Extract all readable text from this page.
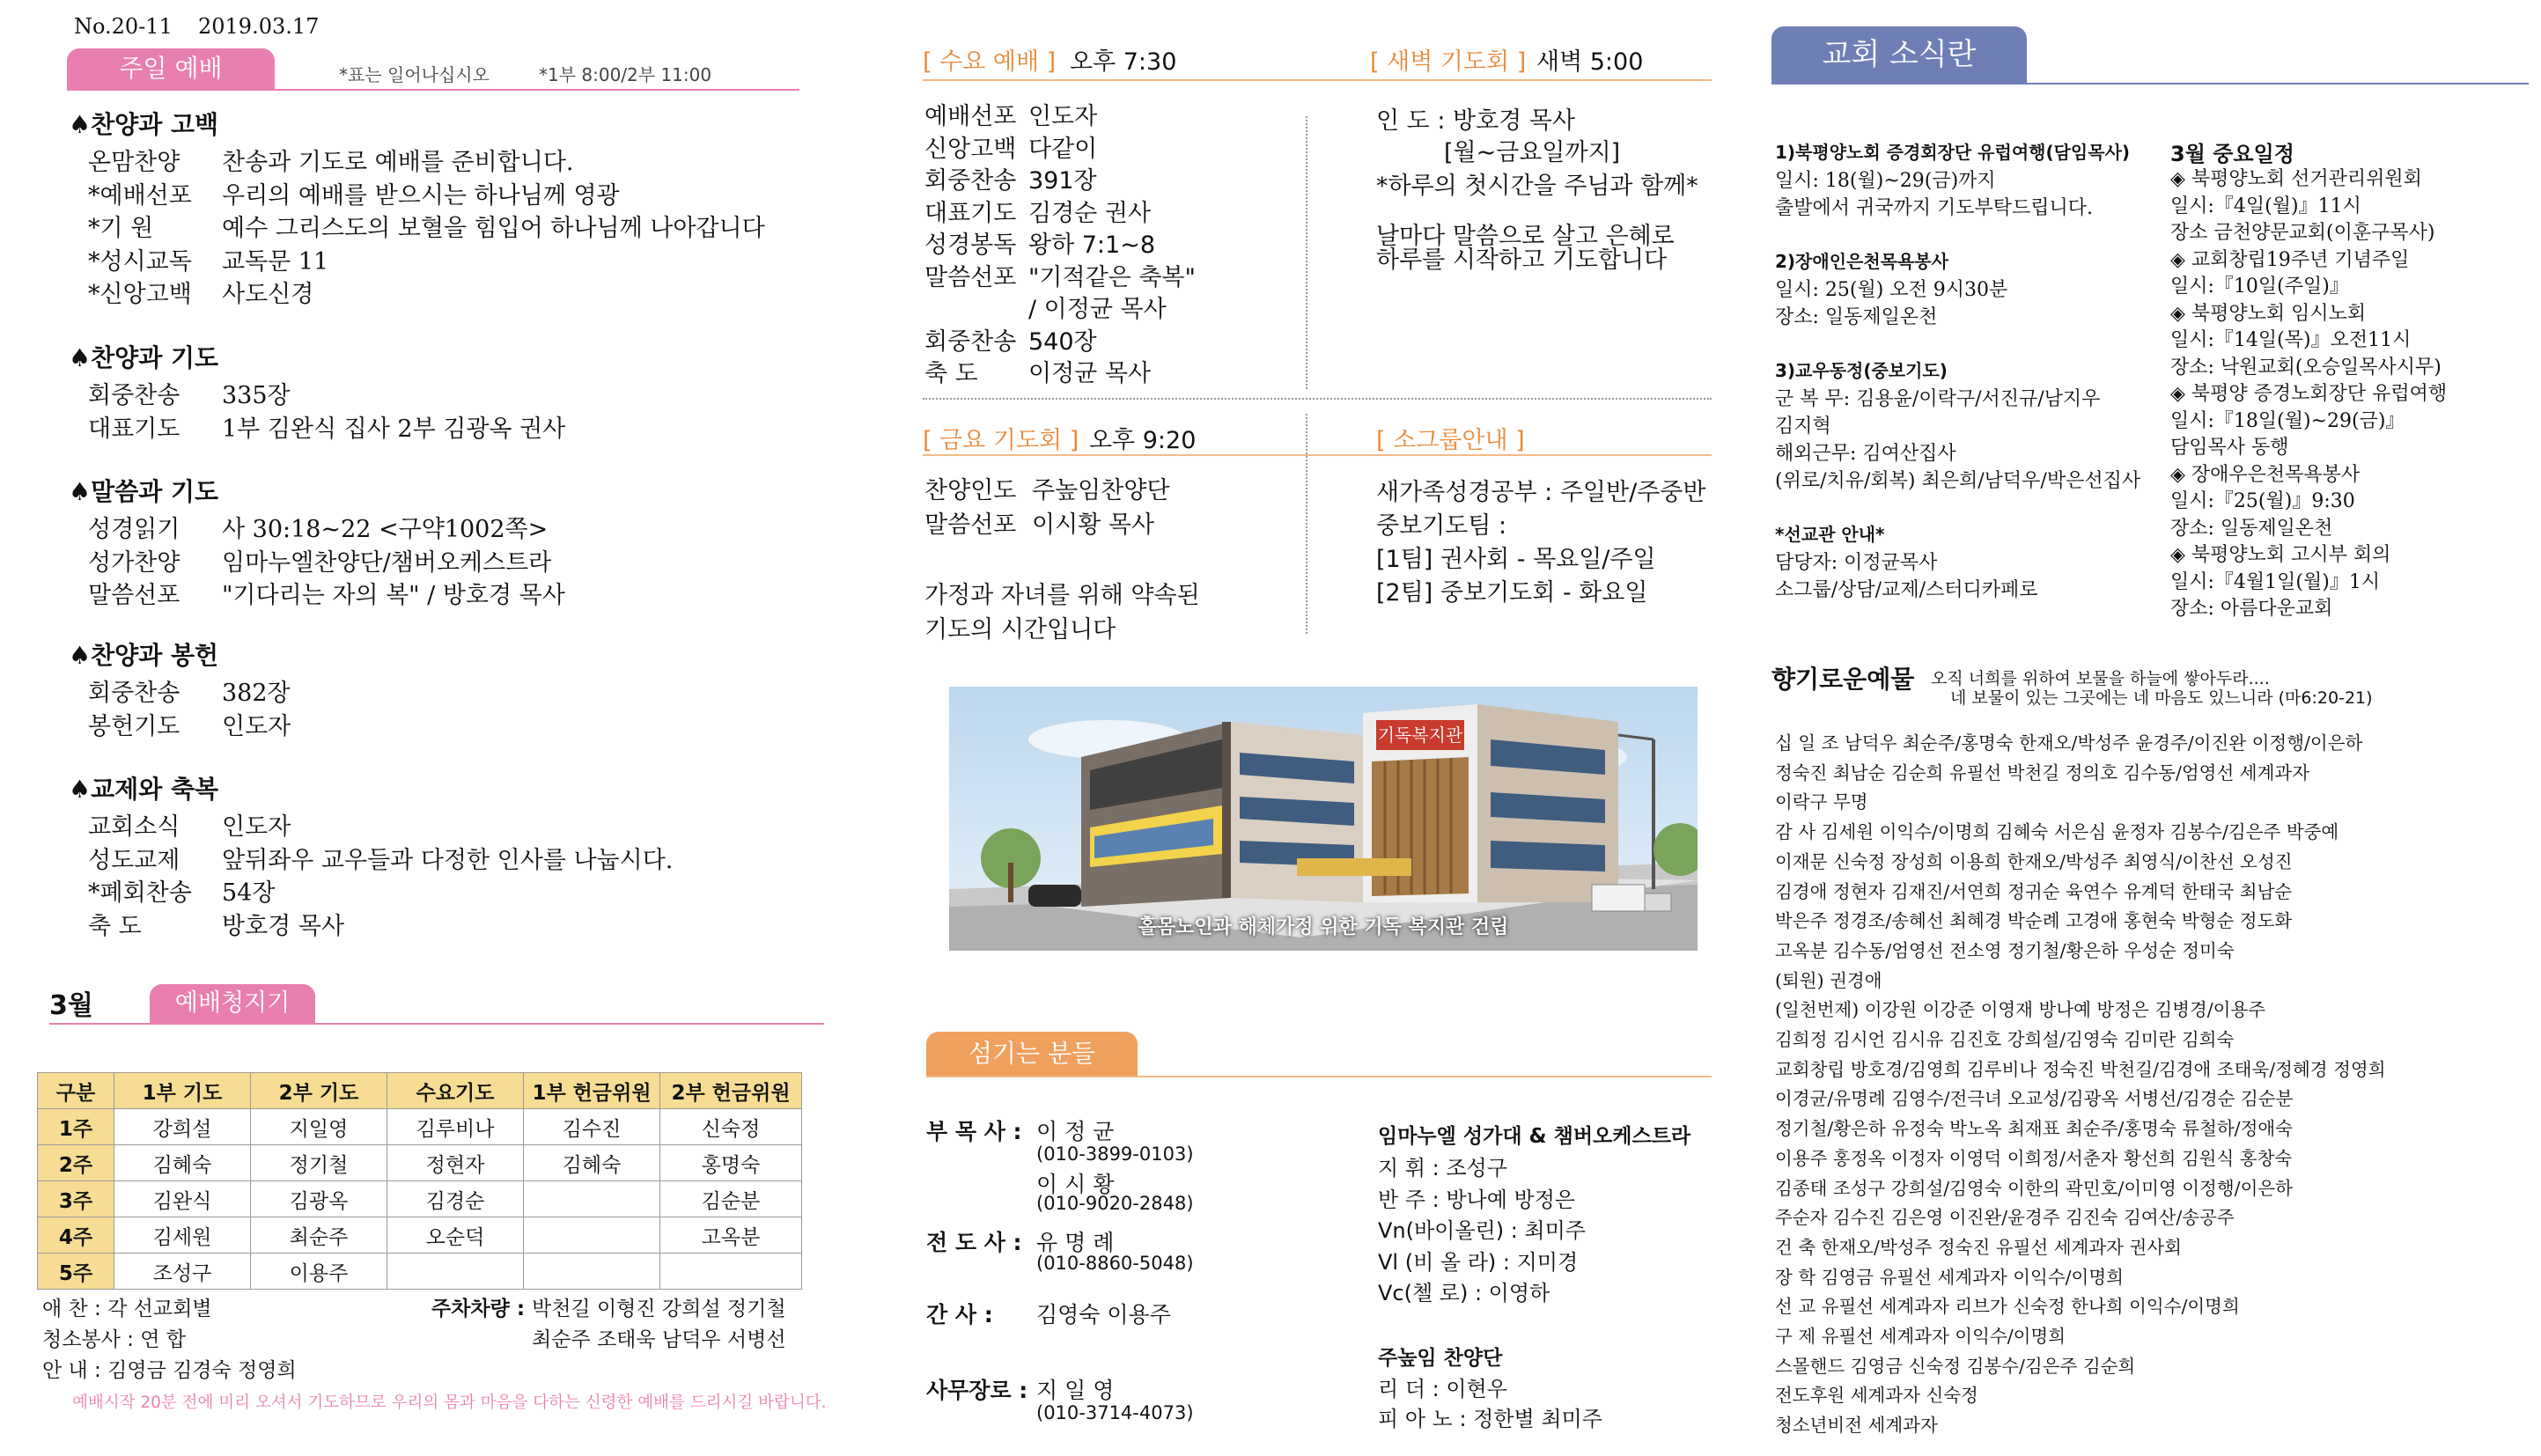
No.20-11 2019.03.17
주일 예배	*표는 일어나십시오	*1부 8:00/2부 11:00
♠찬양과 고백
온맘찬양 찬송과 기도로 예배를 준비합니다.
*예배선포 우리의 예배를 받으시는 하나님께 영광
*기 원	예수 그리스도의 보혈을 힘입어 하나님께 나아갑니다
*성시교독 교독문 11
*신앙고백 사도신경
♠찬양과 기도
회중찬송 335장
대표기도 1부 김완식 집사 2부 김광옥 권사
♠말씀과 기도
성경읽기 사 30:18~22 <구약1002쪽>
성가찬양 임마누엘찬양단/챔버오케스트라
말씀선포 "기다리는 자의 복" / 방호경 목사
♠찬양과 봉헌
회중찬송 382장
봉헌기도 인도자
♠교제와 축복
교회소식 인도자
성도교제 앞뒤좌우 교우들과 다정한 인사를 나눕시다.
*폐회찬송 54장
축 도	방호경 목사
3월	예배청지기
구분	1부 기도	2부 기도	수요기도	1부 헌금위원	2부 헌금위원
1주	강희설	지일영	김루비나	김수진	신숙정
2주	김혜숙	정기철	정현자	김혜숙	홍명숙
3주	김완식	김광옥	김경순		김순분
4주	김세원	최순주	오순덕		고옥분
5주	조성구	이용주			
애 찬 : 각 선교회별	주차차량 : 박천길 이형진 강희설 정기철
청소봉사 : 연 합	최순주 조태욱 남덕우 서병선
안 내 : 김영금 김경숙 정영희
예배시작 20분 전에 미리 오셔서 기도하므로 우리의 몸과 마음을 다하는 신령한 예배를 드리시길 바랍니다.
[ 수요 예배 ] 오후 7:30	[ 새벽 기도회 ] 새벽 5:00
예배선포 인도자
신앙고백 다같이
회중찬송 391장
대표기도 김경순 권사
성경봉독 왕하 7:1~8
말씀선포 "기적같은 축복"
/ 이정균 목사
회중찬송 540장
축 도 이정균 목사
인 도 : 방호경 목사
[월~금요일까지]
*하루의 첫시간을 주님과 함께*
날마다 말씀으로 살고 은혜로
하루를 시작하고 기도합니다
[ 금요 기도회 ] 오후 9:20	[ 소그룹안내 ]
찬양인도 주높임찬양단
말씀선포 이시황 목사
가정과 자녀를 위해 약속된
기도의 시간입니다
새가족성경공부 : 주일반/주중반
중보기도팀 :
[1팀] 권사회 - 목요일/주일
[2팀] 중보기도회 - 화요일
기독복지관
홀몸노인과 해체가정 위한 기독 복지관 건립
섬기는 분들
부 목 사 : 이 정 균
(010-3899-0103)
이 시 황
(010-9020-2848)
전 도 사 : 유 명 례
(010-8860-5048)
간 사 : 김영숙 이용주
사무장로 : 지 일 영
(010-3714-4073)
임마누엘 성가대 & 챔버오케스트라
지 휘 : 조성구
반 주 : 방나예 방정은
Vn(바이올린) : 최미주
Vl (비 올 라) : 지미경
Vc(첼 로) : 이영하
주높임 찬양단
리 더 : 이현우
피 아 노 : 정한별 최미주
교회 소식란
1)북평양노회 증경회장단 유럽여행(담임목사)
일시: 18(월)~29(금)까지
출발에서 귀국까지 기도부탁드립니다.
2)장애인은천목욕봉사
일시: 25(월) 오전 9시30분
장소: 일동제일온천
3)교우동정(중보기도)
군 복 무: 김용윤/이락구/서진규/남지우
김지혁
해외근무: 김여산집사
(위로/치유/회복) 최은희/남덕우/박은선집사
*선교관 안내*
담당자: 이정균목사
소그룹/상담/교제/스터디카페로
3월 중요일정
◈ 북평양노회 선거관리위원회
일시:『4일(월)』11시
장소 금천양문교회(이훈구목사)
◈ 교회창립19주년 기념주일
일시:『10일(주일)』
◈ 북평양노회 임시노회
일시:『14일(목)』오전11시
장소: 낙원교회(오승일목사시무)
◈ 북평양 증경노회장단 유럽여행
일시:『18일(월)~29(금)』
담임목사 동행
◈ 장애우은천목욕봉사
일시:『25(월)』9:30
장소: 일동제일온천
◈ 북평양노회 고시부 회의
일시:『4월1일(월)』1시
장소: 아름다운교회
향기로운예물 오직 너희를 위하여 보물을 하늘에 쌓아두라....
네 보물이 있는 그곳에는 네 마음도 있느니라 (마6:20-21)
십 일 조 남덕우 최순주/홍명숙 한재오/박성주 윤경주/이진완 이정행/이은하
정숙진 최남순 김순희 유필선 박천길 정의호 김수동/엄영선 세계과자
이락구 무명
감 사 김세원 이익수/이명희 김혜숙 서은심 윤정자 김봉수/김은주 박중예
이재문 신숙정 장성희 이용희 한재오/박성주 최영식/이찬선 오성진
김경애 정현자 김재진/서연희 정귀순 육연수 유계덕 한태국 최남순
박은주 정경조/송혜선 최혜경 박순례 고경애 홍현숙 박형순 정도화
고옥분 김수동/엄영선 전소영 정기철/황은하 우성순 정미숙
(퇴원) 권경애
(일천번제) 이강원 이강준 이영재 방나예 방정은 김병경/이용주
김희정 김시언 김시유 김진호 강희설/김영숙 김미란 김희숙
교회창립 방호경/김영희 김루비나 정숙진 박천길/김경애 조태욱/정혜경 정영희
이경균/유명례 김영수/전극녀 오교성/김광옥 서병선/김경순 김순분
정기철/황은하 유정숙 박노옥 최재표 최순주/홍명숙 류철하/정애숙
이용주 홍정옥 이정자 이영덕 이희정/서춘자 황선희 김원식 홍창숙
김종태 조성구 강희설/김영숙 이한의 곽민호/이미영 이정행/이은하
주순자 김수진 김은영 이진완/윤경주 김진숙 김여산/송공주
건 축 한재오/박성주 정숙진 유필선 세계과자 권사회
장 학 김영금 유필선 세계과자 이익수/이명희
선 교 유필선 세계과자 리브가 신숙정 한나희 이익수/이명희
구 제 유필선 세계과자 이익수/이명희
스몰핸드 김영금 신숙정 김봉수/김은주 김순희
전도후원 세계과자 신숙정
청소년비전 세계과자
